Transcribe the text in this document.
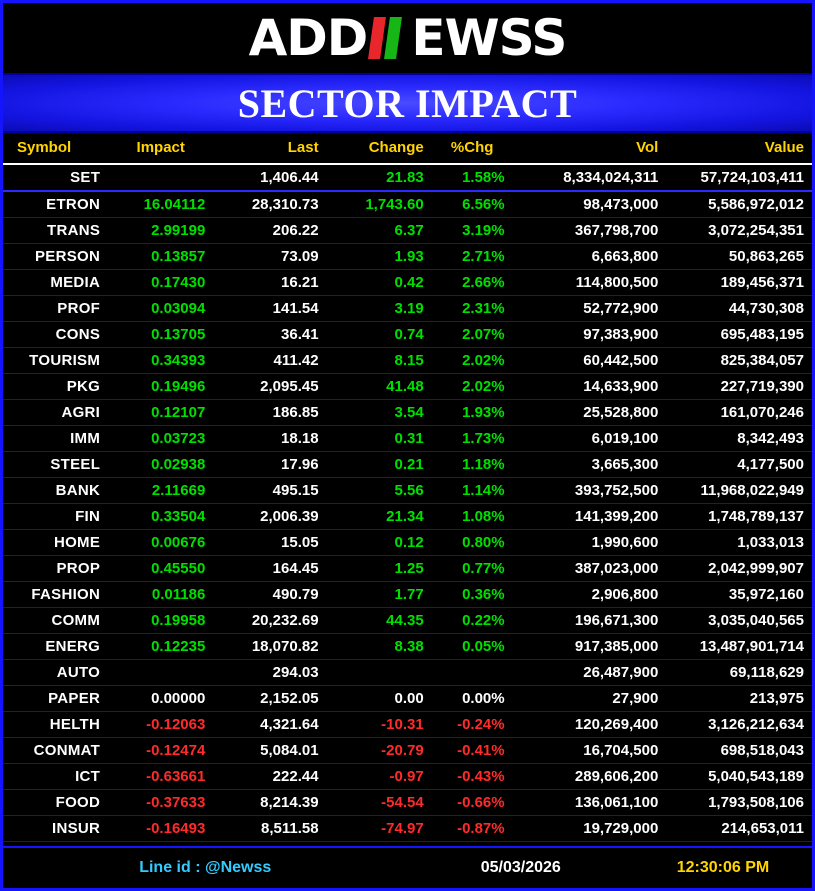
ADD EWSS
SECTOR IMPACT
Symbol	Impact	Last	Change	%Chg	Vol	Value
SET		1,406.44	21.83	1.58%	8,334,024,311	57,724,103,411
ETRON	16.04112	28,310.73	1,743.60	6.56%	98,473,000	5,586,972,012
TRANS	2.99199	206.22	6.37	3.19%	367,798,700	3,072,254,351
PERSON	0.13857	73.09	1.93	2.71%	6,663,800	50,863,265
MEDIA	0.17430	16.21	0.42	2.66%	114,800,500	189,456,371
PROF	0.03094	141.54	3.19	2.31%	52,772,900	44,730,308
CONS	0.13705	36.41	0.74	2.07%	97,383,900	695,483,195
TOURISM	0.34393	411.42	8.15	2.02%	60,442,500	825,384,057
PKG	0.19496	2,095.45	41.48	2.02%	14,633,900	227,719,390
AGRI	0.12107	186.85	3.54	1.93%	25,528,800	161,070,246
IMM	0.03723	18.18	0.31	1.73%	6,019,100	8,342,493
STEEL	0.02938	17.96	0.21	1.18%	3,665,300	4,177,500
BANK	2.11669	495.15	5.56	1.14%	393,752,500	11,968,022,949
FIN	0.33504	2,006.39	21.34	1.08%	141,399,200	1,748,789,137
HOME	0.00676	15.05	0.12	0.80%	1,990,600	1,033,013
PROP	0.45550	164.45	1.25	0.77%	387,023,000	2,042,999,907
FASHION	0.01186	490.79	1.77	0.36%	2,906,800	35,972,160
COMM	0.19958	20,232.69	44.35	0.22%	196,671,300	3,035,040,565
ENERG	0.12235	18,070.82	8.38	0.05%	917,385,000	13,487,901,714
AUTO		294.03			26,487,900	69,118,629
PAPER	0.00000	2,152.05	0.00	0.00%	27,900	213,975
HELTH	-0.12063	4,321.64	-10.31	-0.24%	120,269,400	3,126,212,634
CONMAT	-0.12474	5,084.01	-20.79	-0.41%	16,704,500	698,518,043
ICT	-0.63661	222.44	-0.97	-0.43%	289,606,200	5,040,543,189
FOOD	-0.37633	8,214.39	-54.54	-0.66%	136,061,100	1,793,508,106
INSUR	-0.16493	8,511.58	-74.97	-0.87%	19,729,000	214,653,011

Line id : @Newss	05/03/2026	12:30:06 PM
